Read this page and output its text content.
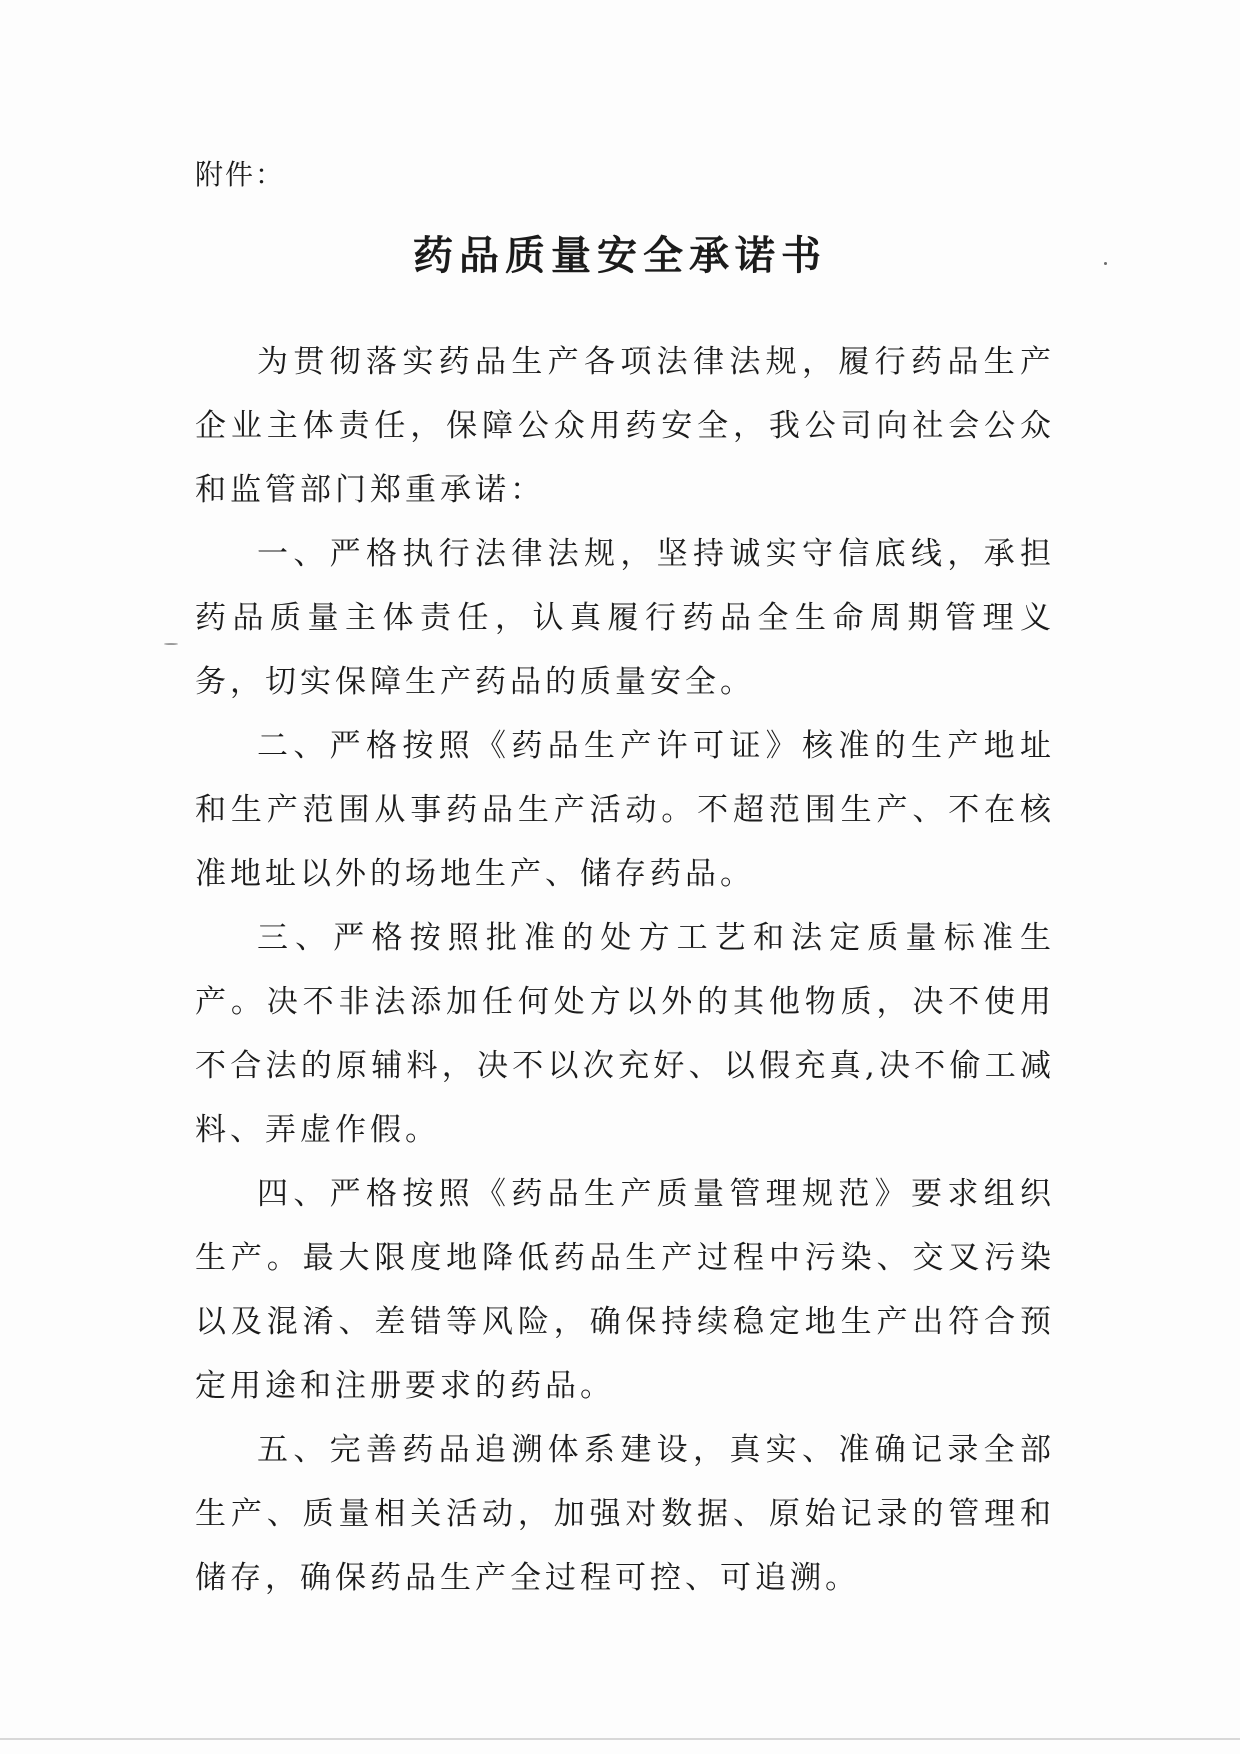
附件：
药品质量安全承诺书

为贯彻落实药品生产各项法律法规，履行药品生产企业主体责任，保障公众用药安全，我公司向社会公众和监管部门郑重承诺：

一、严格执行法律法规，坚持诚实守信底线，承担药品质量主体责任，认真履行药品全生命周期管理义务，切实保障生产药品的质量安全。

二、严格按照《药品生产许可证》核准的生产地址和生产范围从事药品生产活动。不超范围生产、不在核准地址以外的场地生产、储存药品。

三、严格按照批准的处方工艺和法定质量标准生产。决不非法添加任何处方以外的其他物质，决不使用不合法的原辅料，决不以次充好、以假充真,决不偷工减料、弄虚作假。

四、严格按照《药品生产质量管理规范》要求组织生产。最大限度地降低药品生产过程中污染、交叉污染以及混淆、差错等风险，确保持续稳定地生产出符合预定用途和注册要求的药品。

五、完善药品追溯体系建设，真实、准确记录全部生产、质量相关活动，加强对数据、原始记录的管理和储存，确保药品生产全过程可控、可追溯。
